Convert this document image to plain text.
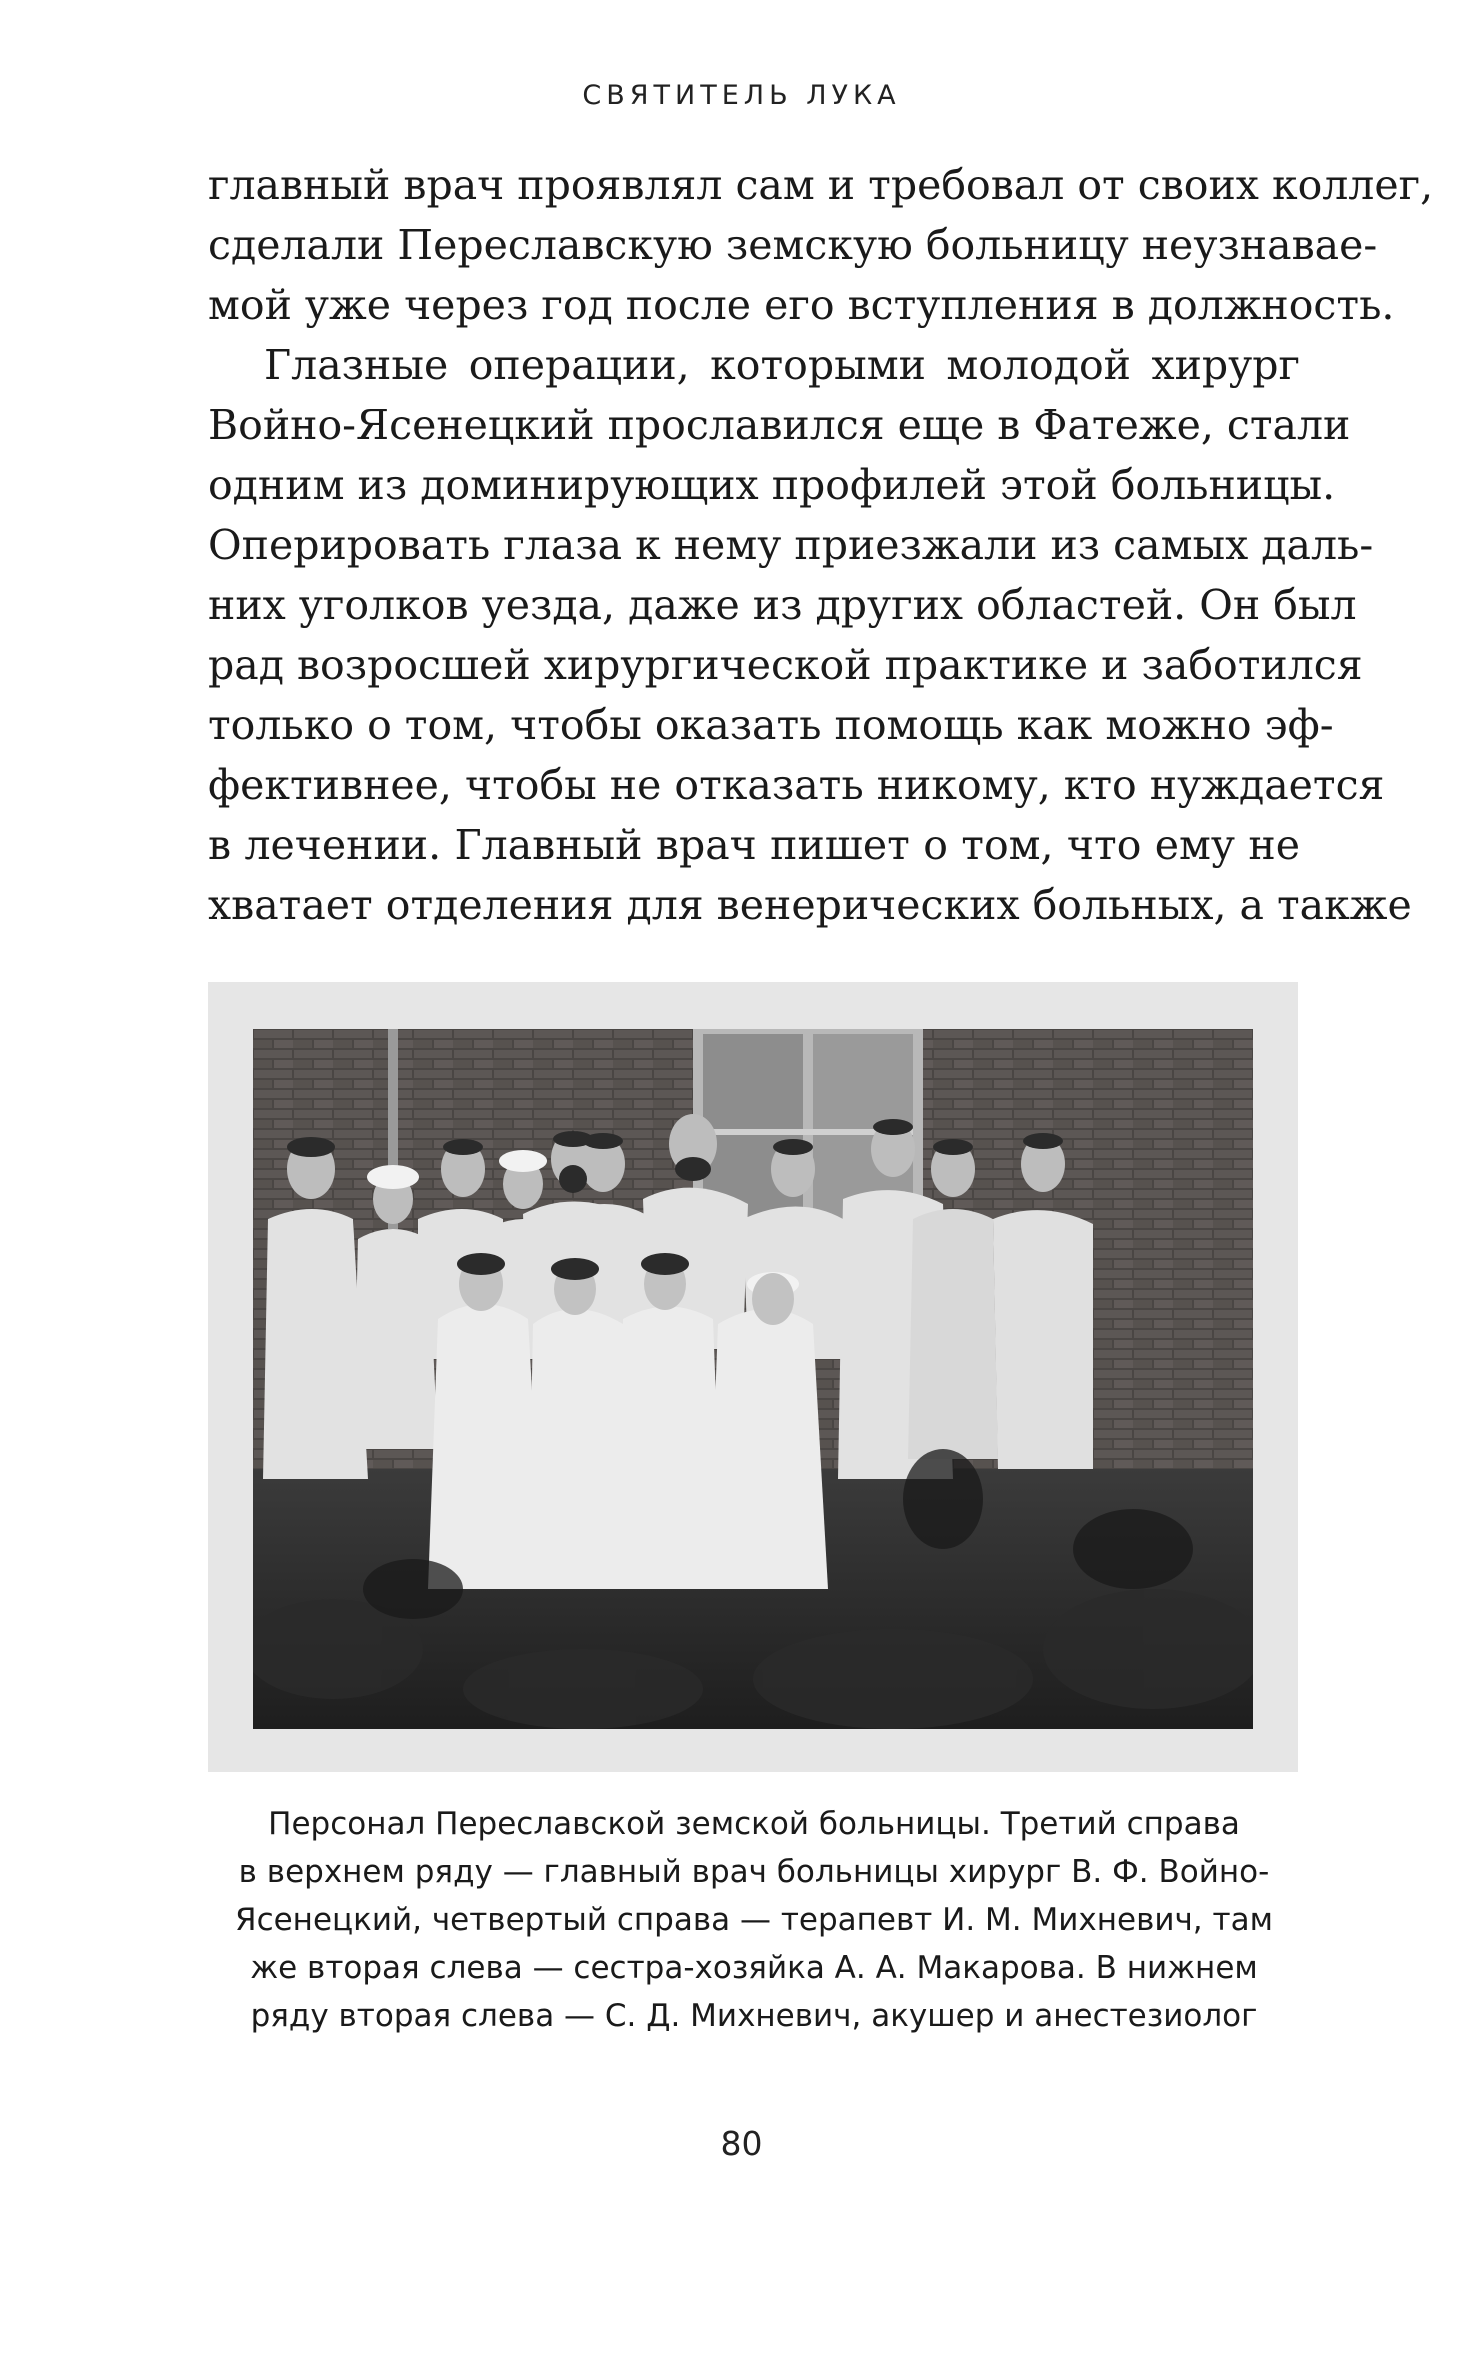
СВЯТИТЕЛЬ ЛУКА
главный врач проявлял сам и требовал от своих коллег,
сделали Переславскую земскую больницу неузнавае-
мой уже через год после его вступления в должность.
Глазные операции, которыми молодой хирург
Войно-Ясенецкий прославился еще в Фатеже, стали
одним из доминирующих профилей этой больницы.
Оперировать глаза к нему приезжали из самых даль-
них уголков уезда, даже из других областей. Он был
рад возросшей хирургической практике и заботился
только о том, чтобы оказать помощь как можно эф-
фективнее, чтобы не отказать никому, кто нуждается
в лечении. Главный врач пишет о том, что ему не
хватает отделения для венерических больных, а также
Персонал Переславской земской больницы. Третий справа
в верхнем ряду — главный врач больницы хирург В. Ф. Войно-
Ясенецкий, четвертый справа — терапевт И. М. Михневич, там
же вторая слева — сестра-хозяйка А. А. Макарова. В нижнем
ряду вторая слева — С. Д. Михневич, акушер и анестезиолог
80
